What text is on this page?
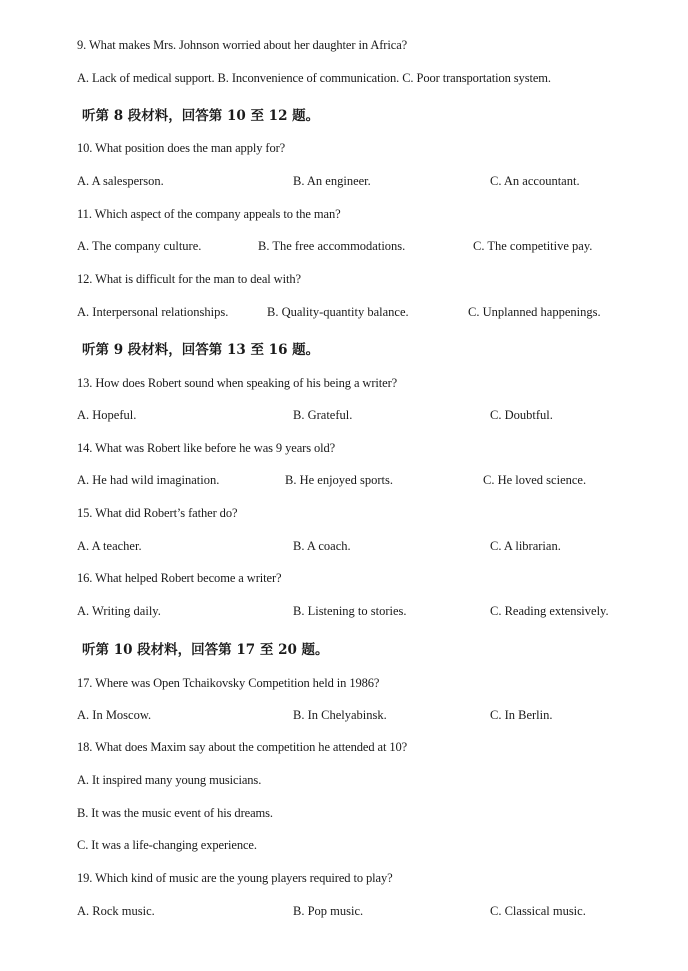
9. What makes Mrs. Johnson worried about her daughter in Africa?
A. Lack of medical support. B. Inconvenience of communication. C. Poor transportation system.
听第 8 段材料，回答第 10 至 12 题。
10. What position does the man apply for?
A. A salesperson.	B. An engineer.	C. An accountant.
11. Which aspect of the company appeals to the man?
A. The company culture.	B. The free accommodations.	C. The competitive pay.
12. What is difficult for the man to deal with?
A. Interpersonal relationships.	B. Quality-quantity balance.	C. Unplanned happenings.
听第 9 段材料，回答第 13 至 16 题。
13. How does Robert sound when speaking of his being a writer?
A. Hopeful.	B. Grateful.	C. Doubtful.
14. What was Robert like before he was 9 years old?
A. He had wild imagination.	B. He enjoyed sports.	C. He loved science.
15. What did Robert’s father do?
A. A teacher.	B. A coach.	C. A librarian.
16. What helped Robert become a writer?
A. Writing daily.	B. Listening to stories.	C. Reading extensively.
听第 10 段材料，回答第 17 至 20 题。
17. Where was Open Tchaikovsky Competition held in 1986?
A. In Moscow.	B. In Chelyabinsk.	C. In Berlin.
18. What does Maxim say about the competition he attended at 10?
A. It inspired many young musicians.
B. It was the music event of his dreams.
C. It was a life-changing experience.
19. Which kind of music are the young players required to play?
A. Rock music.	B. Pop music.	C. Classical music.
